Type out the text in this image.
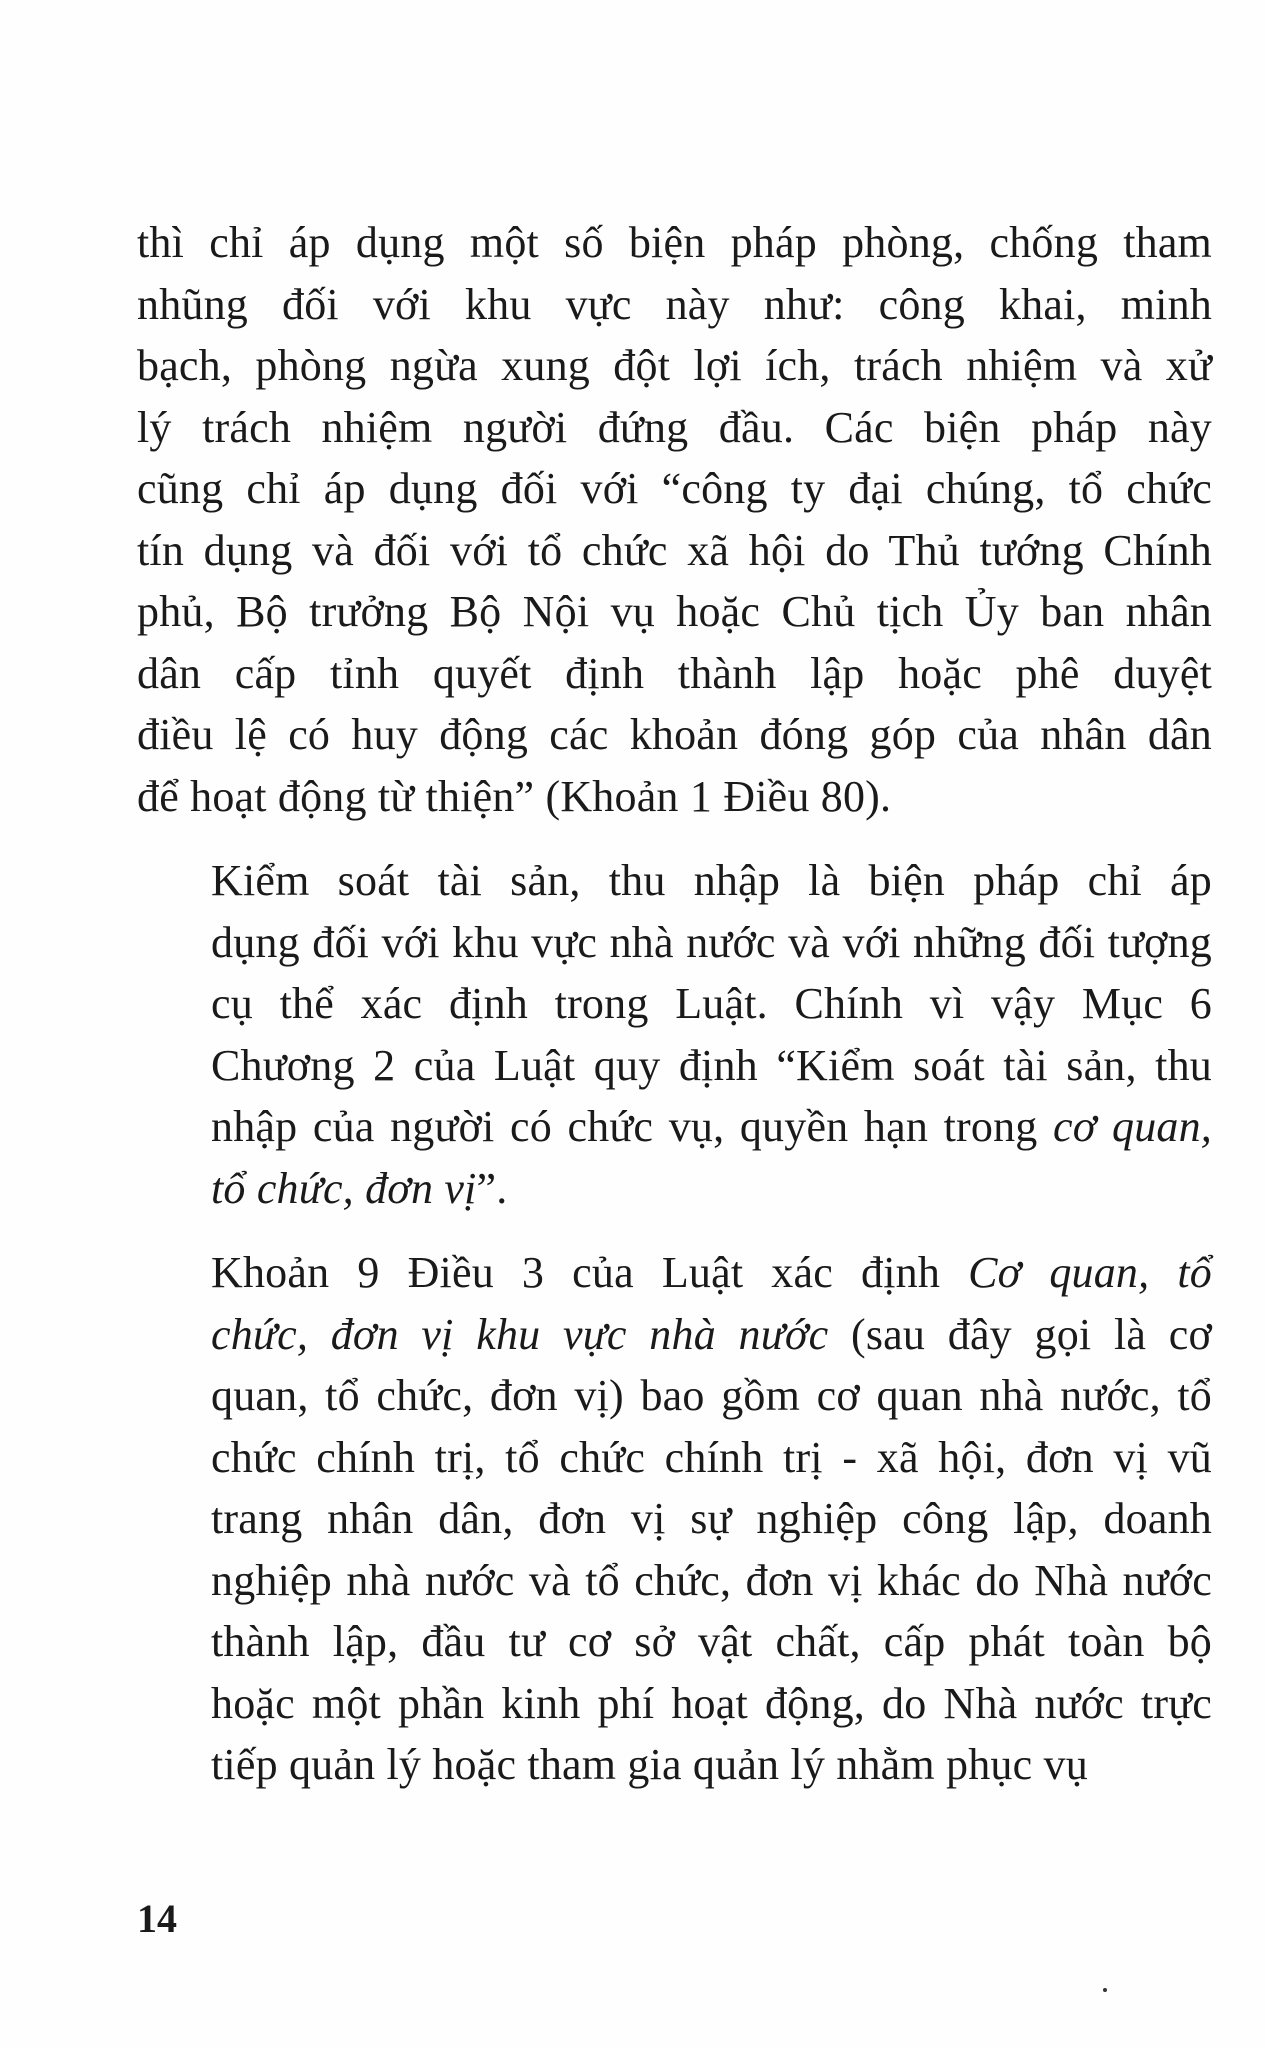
thì chỉ áp dụng một số biện pháp phòng, chống tham
nhũng đối với khu vực này như: công khai, minh
bạch, phòng ngừa xung đột lợi ích, trách nhiệm và xử
lý trách nhiệm người đứng đầu. Các biện pháp này
cũng chỉ áp dụng đối với “công ty đại chúng, tổ chức
tín dụng và đối với tổ chức xã hội do Thủ tướng Chính
phủ, Bộ trưởng Bộ Nội vụ hoặc Chủ tịch Ủy ban nhân
dân cấp tỉnh quyết định thành lập hoặc phê duyệt
điều lệ có huy động các khoản đóng góp của nhân dân
để hoạt động từ thiện” (Khoản 1 Điều 80).

Kiểm soát tài sản, thu nhập là biện pháp chỉ áp
dụng đối với khu vực nhà nước và với những đối tượng
cụ thể xác định trong Luật. Chính vì vậy Mục 6
Chương 2 của Luật quy định “Kiểm soát tài sản, thu
nhập của người có chức vụ, quyền hạn trong cơ quan,
tổ chức, đơn vị”.

Khoản 9 Điều 3 của Luật xác định Cơ quan, tổ
chức, đơn vị khu vực nhà nước (sau đây gọi là cơ
quan, tổ chức, đơn vị) bao gồm cơ quan nhà nước, tổ
chức chính trị, tổ chức chính trị - xã hội, đơn vị vũ
trang nhân dân, đơn vị sự nghiệp công lập, doanh
nghiệp nhà nước và tổ chức, đơn vị khác do Nhà nước
thành lập, đầu tư cơ sở vật chất, cấp phát toàn bộ
hoặc một phần kinh phí hoạt động, do Nhà nước trực
tiếp quản lý hoặc tham gia quản lý nhằm phục vụ

14
